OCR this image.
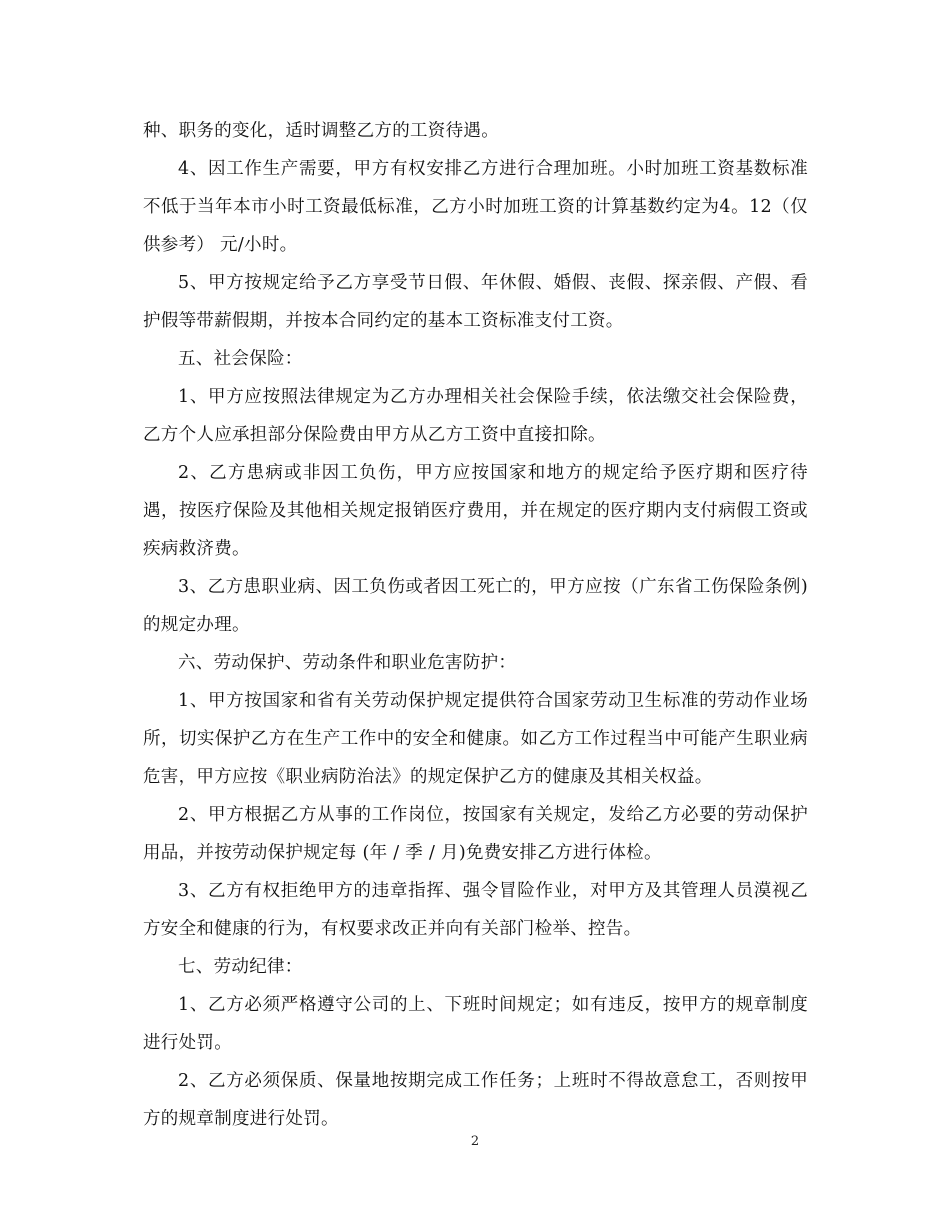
种、职务的变化，适时调整乙方的工资待遇。

4、因工作生产需要，甲方有权安排乙方进行合理加班。小时加班工资基数标准不低于当年本市小时工资最低标准，乙方小时加班工资的计算基数约定为4。12（仅供参考） 元/小时。

5、甲方按规定给予乙方享受节日假、年休假、婚假、丧假、探亲假、产假、看护假等带薪假期，并按本合同约定的基本工资标准支付工资。

五、社会保险：

1、甲方应按照法律规定为乙方办理相关社会保险手续，依法缴交社会保险费，乙方个人应承担部分保险费由甲方从乙方工资中直接扣除。

2、乙方患病或非因工负伤，甲方应按国家和地方的规定给予医疗期和医疗待遇，按医疗保险及其他相关规定报销医疗费用，并在规定的医疗期内支付病假工资或疾病救济费。

3、乙方患职业病、因工负伤或者因工死亡的，甲方应按（广东省工伤保险条例)的规定办理。

六、劳动保护、劳动条件和职业危害防护：

1、甲方按国家和省有关劳动保护规定提供符合国家劳动卫生标准的劳动作业场所，切实保护乙方在生产工作中的安全和健康。如乙方工作过程当中可能产生职业病危害，甲方应按《职业病防治法》的规定保护乙方的健康及其相关权益。

2、甲方根据乙方从事的工作岗位，按国家有关规定，发给乙方必要的劳动保护用品，并按劳动保护规定每 (年 / 季 / 月)免费安排乙方进行体检。

3、乙方有权拒绝甲方的违章指挥、强令冒险作业，对甲方及其管理人员漠视乙方安全和健康的行为，有权要求改正并向有关部门检举、控告。

七、劳动纪律：

1、乙方必须严格遵守公司的上、下班时间规定；如有违反，按甲方的规章制度进行处罚。

2、乙方必须保质、保量地按期完成工作任务；上班时不得故意怠工，否则按甲方的规章制度进行处罚。

2
